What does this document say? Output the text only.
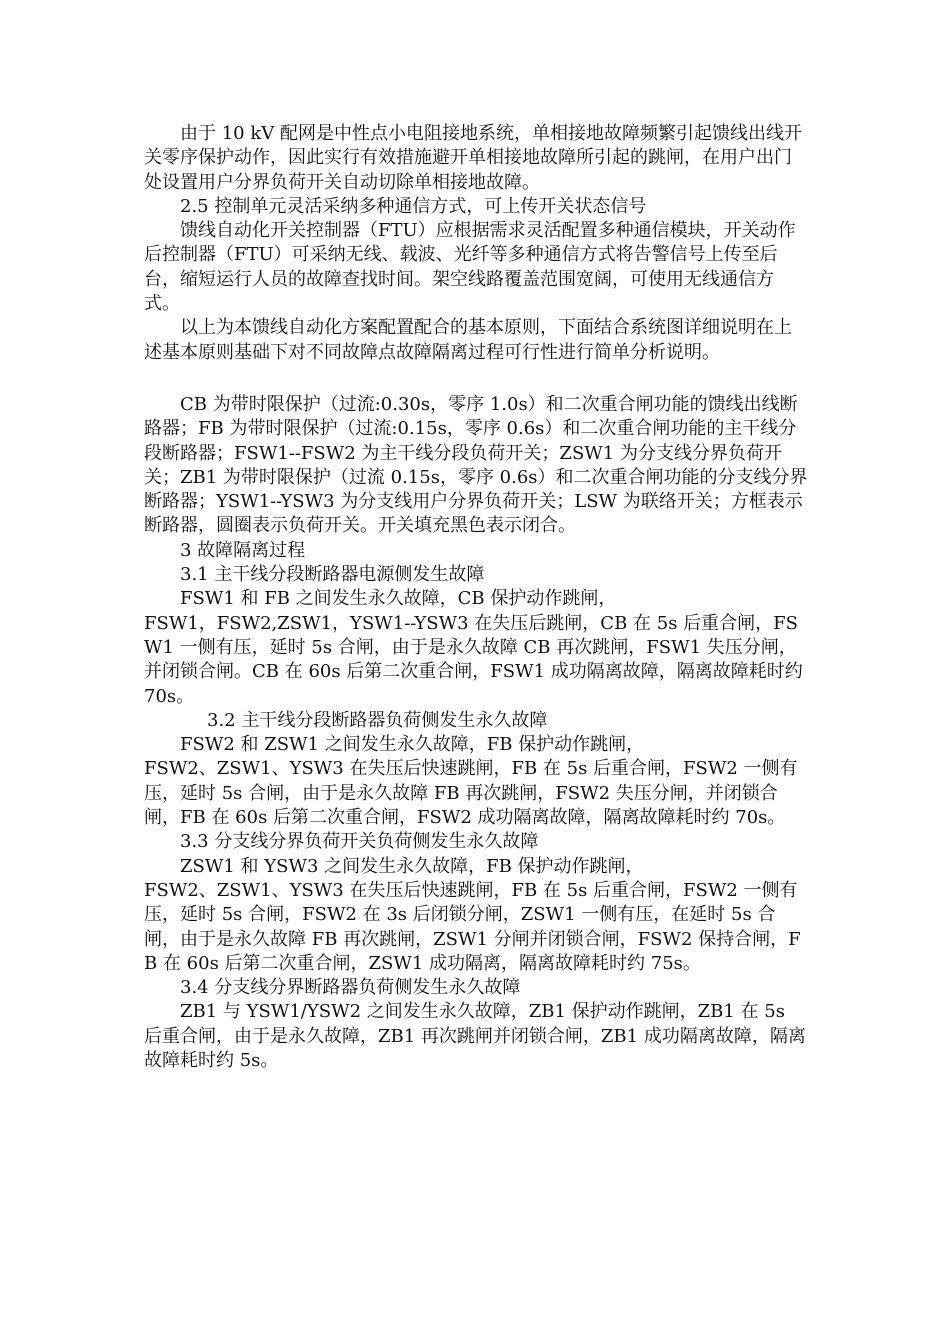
由于 10 kV 配网是中性点小电阻接地系统，单相接地故障频繁引起馈线出线开关零序保护动作，因此实行有效措施避开单相接地故障所引起的跳闸，在用户出门处设置用户分界负荷开关自动切除单相接地故障。

2.5 控制单元灵活采纳多种通信方式，可上传开关状态信号

馈线自动化开关控制器（FTU）应根据需求灵活配置多种通信模块，开关动作后控制器（FTU）可采纳无线、载波、光纤等多种通信方式将告警信号上传至后台，缩短运行人员的故障查找时间。架空线路覆盖范围宽阔，可使用无线通信方式。

以上为本馈线自动化方案配置配合的基本原则，下面结合系统图详细说明在上述基本原则基础下对不同故障点故障隔离过程可行性进行简单分析说明。

CB 为带时限保护（过流:0.30s，零序 1.0s）和二次重合闸功能的馈线出线断路器；FB 为带时限保护（过流:0.15s，零序 0.6s）和二次重合闸功能的主干线分段断路器；FSW1--FSW2 为主干线分段负荷开关；ZSW1 为分支线分界负荷开关；ZB1 为带时限保护（过流 0.15s，零序 0.6s）和二次重合闸功能的分支线分界断路器；YSW1--YSW3 为分支线用户分界负荷开关；LSW 为联络开关；方框表示断路器，圆圈表示负荷开关。开关填充黑色表示闭合。

3 故障隔离过程

3.1 主干线分段断路器电源侧发生故障

FSW1 和 FB 之间发生永久故障，CB 保护动作跳闸，

FSW1，FSW2,ZSW1，YSW1--YSW3 在失压后跳闸，CB 在 5s 后重合闸，FSW1 一侧有压，延时 5s 合闸，由于是永久故障 CB 再次跳闸，FSW1 失压分闸，并闭锁合闸。CB 在 60s 后第二次重合闸，FSW1 成功隔离故障，隔离故障耗时约 70s。

3.2 主干线分段断路器负荷侧发生永久故障

FSW2 和 ZSW1 之间发生永久故障，FB 保护动作跳闸，

FSW2、ZSW1、YSW3 在失压后快速跳闸，FB 在 5s 后重合闸，FSW2 一侧有压，延时 5s 合闸，由于是永久故障 FB 再次跳闸，FSW2 失压分闸，并闭锁合闸，FB 在 60s 后第二次重合闸，FSW2 成功隔离故障，隔离故障耗时约 70s。

3.3 分支线分界负荷开关负荷侧发生永久故障

ZSW1 和 YSW3 之间发生永久故障，FB 保护动作跳闸，

FSW2、ZSW1、YSW3 在失压后快速跳闸，FB 在 5s 后重合闸，FSW2 一侧有压，延时 5s 合闸，FSW2 在 3s 后闭锁分闸，ZSW1 一侧有压，在延时 5s 合闸，由于是永久故障 FB 再次跳闸，ZSW1 分闸并闭锁合闸，FSW2 保持合闸，FB 在 60s 后第二次重合闸，ZSW1 成功隔离，隔离故障耗时约 75s。

3.4 分支线分界断路器负荷侧发生永久故障

ZB1 与 YSW1/YSW2 之间发生永久故障，ZB1 保护动作跳闸，ZB1 在 5s 后重合闸，由于是永久故障，ZB1 再次跳闸并闭锁合闸，ZB1 成功隔离故障，隔离故障耗时约 5s。
